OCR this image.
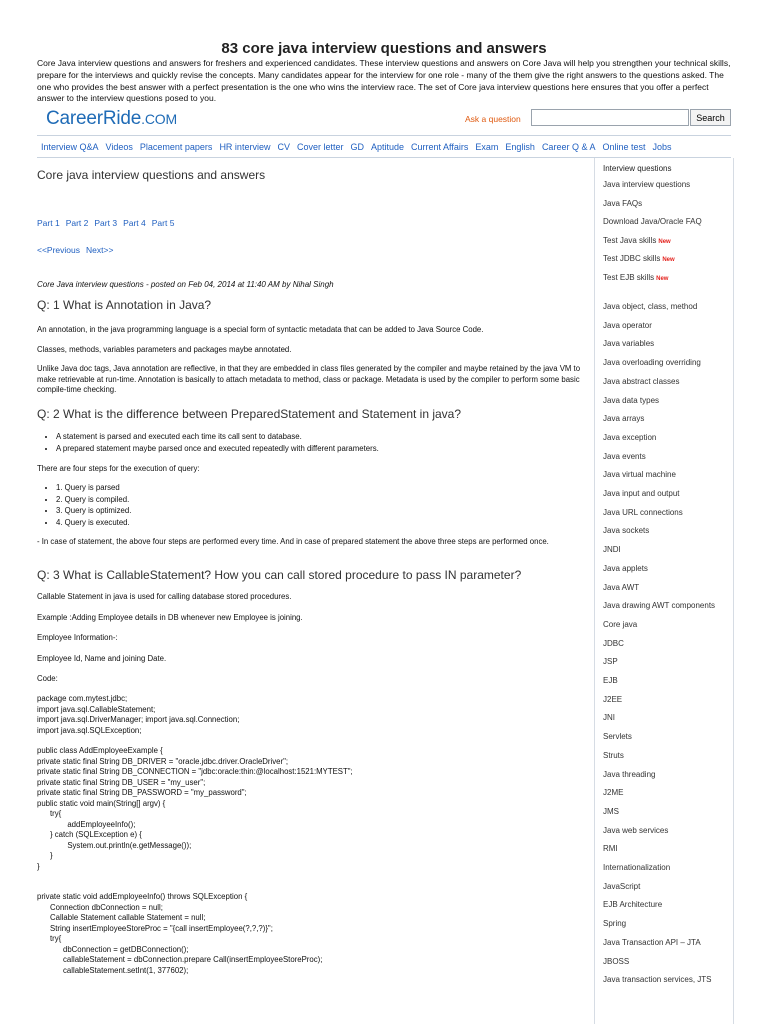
83 core java interview questions and answers

Core Java interview questions and answers for freshers and experienced candidates. These interview questions and answers on Core Java will help you strengthen your technical skills, prepare for the interviews and quickly revise the concepts. Many candidates appear for the interview for one role - many of the them give the right answers to the questions asked. The one who provides the best answer with a perfect presentation is the one who wins the interview race. The set of Core java interview questions here ensures that you offer a perfect answer to the interview questions posed to you.

CareerRide.COM	Ask a question	Search
Interview Q&A Videos Placement papers HR interview CV Cover letter GD Aptitude Current Affairs Exam English Career Q & A Online test Jobs
Core java interview questions and answers
Part 1 Part 2 Part 3 Part 4 Part 5
<<Previous Next>>
Core Java interview questions - posted on Feb 04, 2014 at 11:40 AM by Nihal Singh
Q: 1 What is Annotation in Java?

An annotation, in the java programming language is a special form of syntactic metadata that can be added to Java Source Code.

Classes, methods, variables parameters and packages maybe annotated.

Unlike Java doc tags, Java annotation are reflective, in that they are embedded in class files generated by the compiler and maybe retained by the java VM to make retrievable at run-time. Annotation is basically to attach metadata to method, class or package. Metadata is used by the compiler to perform some basic compile-time checking.

Q: 2 What is the difference between PreparedStatement and Statement in java?
• A statement is parsed and executed each time its call sent to database.
• A prepared statement maybe parsed once and executed repeatedly with different parameters.

There are four steps for the execution of query:

• 1. Query is parsed
• 2. Query is compiled.
• 3. Query is optimized.
• 4. Query is executed.

- In case of statement, the above four steps are performed every time. And in case of prepared statement the above three steps are performed once.

Q: 3 What is CallableStatement? How you can call stored procedure to pass IN parameter?

Callable Statement in java is used for calling database stored procedures.

Example :Adding Employee details in DB whenever new Employee is joining.

Employee Information-:

Employee Id, Name and joining Date.

Code:

package com.mytest.jdbc;
import java.sql.CallableStatement;
import java.sql.DriverManager; import java.sql.Connection;
import java.sql.SQLException;
public class AddEmployeeExample {
private static final String DB_DRIVER = "oracle.jdbc.driver.OracleDriver";
private static final String DB_CONNECTION = "jdbc:oracle:thin:@localhost:1521:MYTEST";
private static final String DB_USER = "my_user";
private static final String DB_PASSWORD = "my_password";
public static void main(String[] argv) {
try{
addEmployeeInfo();
} catch (SQLException e) {
System.out.println(e.getMessage());
}
}
private static void addEmployeeInfo() throws SQLException {
Connection dbConnection = null;
Callable Statement callable Statement = null;
String insertEmployeeStoreProc = "{call insertEmployee(?,?,?)}";
try{
dbConnection = getDBConnection();
callableStatement = dbConnection.prepare Call(insertEmployeeStoreProc);
callableStatement.setInt(1, 377602);
Interview questions
Java interview questions
Java FAQs
Download Java/Oracle FAQ
Test Java skills New
Test JDBC skills New
Test EJB skills New
Java object, class, method
Java operator
Java variables
Java overloading overriding
Java abstract classes
Java data types
Java arrays
Java exception
Java events
Java virtual machine
Java input and output
Java URL connections
Java sockets
JNDI
Java applets
Java AWT
Java drawing AWT components
Core java
JDBC
JSP
EJB
J2EE
JNI
Servlets
Struts
Java threading
J2ME
JMS
Java web services
RMI
Internationalization
JavaScript
EJB Architecture
Spring
Java Transaction API – JTA
JBOSS
Java transaction services, JTS
